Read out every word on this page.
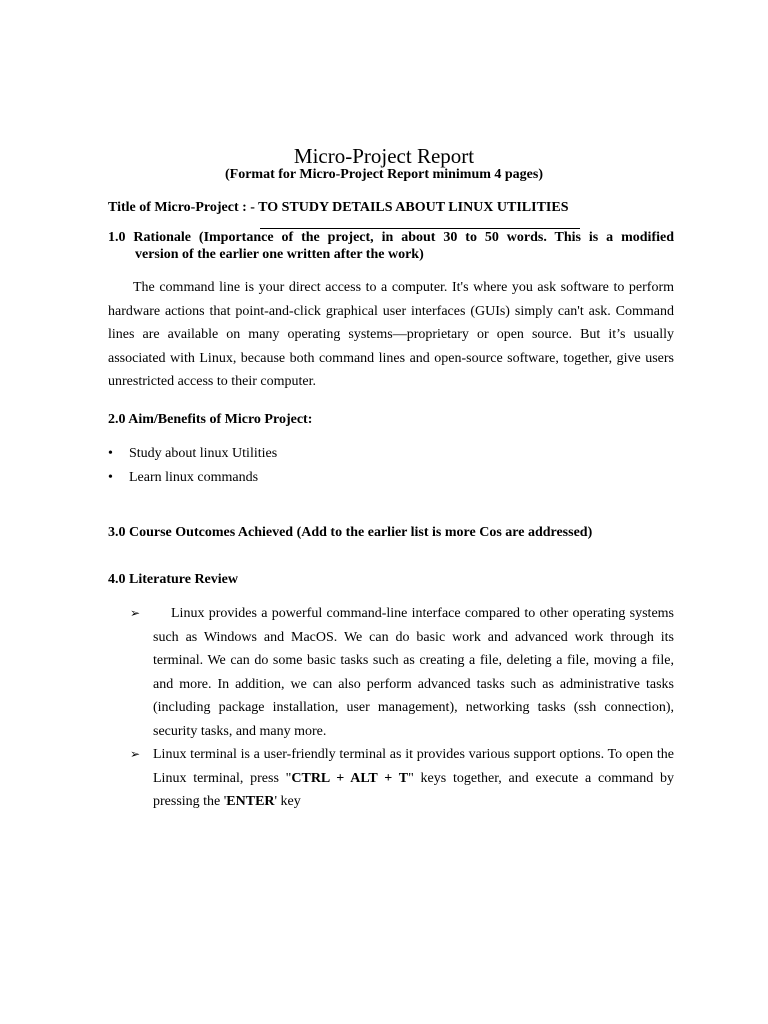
Micro-Project Report

(Format for Micro-Project Report minimum 4 pages)

Title of Micro-Project : - TO STUDY DETAILS ABOUT LINUX UTILITIES

1.0 Rationale (Importance of the project, in about 30 to 50 words. This is a modified

version of the earlier one written after the work)

The command line is your direct access to a computer. It's where you ask software to perform hardware actions that point-and-click graphical user interfaces (GUIs) simply can't ask. Command lines are available on many operating systems—proprietary or open source. But it’s usually associated with Linux, because both command lines and open-source software, together, give users unrestricted access to their computer.

2.0 Aim/Benefits of Micro Project:

• Study about linux Utilities
• Learn linux commands

3.0 Course Outcomes Achieved (Add to the earlier list is more Cos are addressed)

4.0 Literature Review

➢ Linux provides a powerful command-line interface compared to other operating systems such as Windows and MacOS. We can do basic work and advanced work through its terminal. We can do some basic tasks such as creating a file, deleting a file, moving a file, and more. In addition, we can also perform advanced tasks such as administrative tasks (including package installation, user management), networking tasks (ssh connection), security tasks, and many more.
➢ Linux terminal is a user-friendly terminal as it provides various support options. To open the Linux terminal, press "CTRL + ALT + T" keys together, and execute a command by pressing the 'ENTER' key
